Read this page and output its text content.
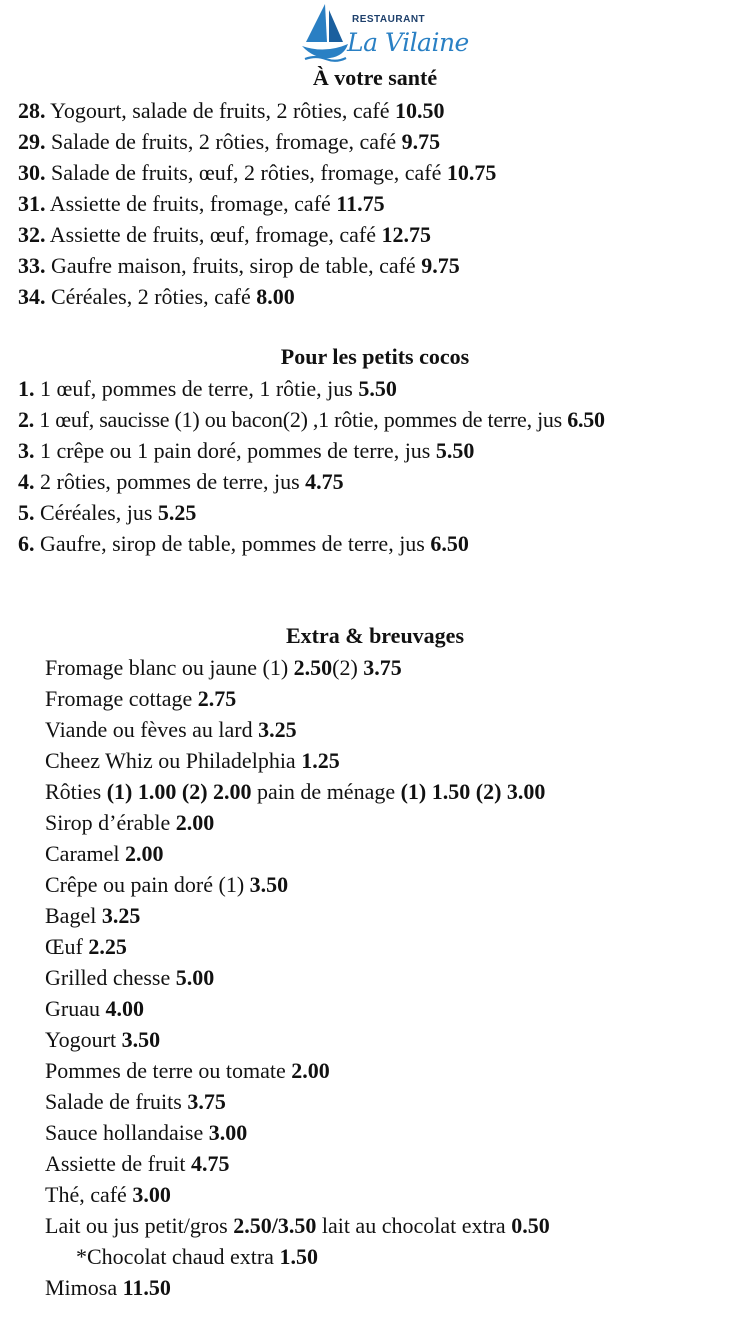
RESTAURANT
La Vilaine
À votre santé
28. Yogourt, salade de fruits, 2 rôties, café 10.50
29. Salade de fruits, 2 rôties, fromage, café 9.75
30. Salade de fruits, œuf, 2 rôties, fromage, café 10.75
31. Assiette de fruits, fromage, café 11.75
32. Assiette de fruits, œuf, fromage, café 12.75
33. Gaufre maison, fruits, sirop de table, café 9.75
34. Céréales, 2 rôties, café 8.00
Pour les petits cocos
1. 1 œuf, pommes de terre, 1 rôtie, jus 5.50
2. 1 œuf, saucisse (1) ou bacon(2) ,1 rôtie, pommes de terre, jus 6.50
3. 1 crêpe ou 1 pain doré, pommes de terre, jus 5.50
4. 2 rôties, pommes de terre, jus 4.75
5. Céréales, jus 5.25
6. Gaufre, sirop de table, pommes de terre, jus 6.50
Extra & breuvages
Fromage blanc ou jaune (1) 2.50(2) 3.75
Fromage cottage 2.75
Viande ou fèves au lard 3.25
Cheez Whiz ou Philadelphia 1.25
Rôties (1) 1.00 (2) 2.00 pain de ménage (1) 1.50 (2) 3.00
Sirop d’érable 2.00
Caramel 2.00
Crêpe ou pain doré (1) 3.50
Bagel 3.25
Œuf 2.25
Grilled chesse 5.00
Gruau 4.00
Yogourt 3.50
Pommes de terre ou tomate 2.00
Salade de fruits 3.75
Sauce hollandaise 3.00
Assiette de fruit 4.75
Thé, café 3.00
Lait ou jus petit/gros 2.50/3.50 lait au chocolat extra 0.50
*Chocolat chaud extra 1.50
Mimosa 11.50
